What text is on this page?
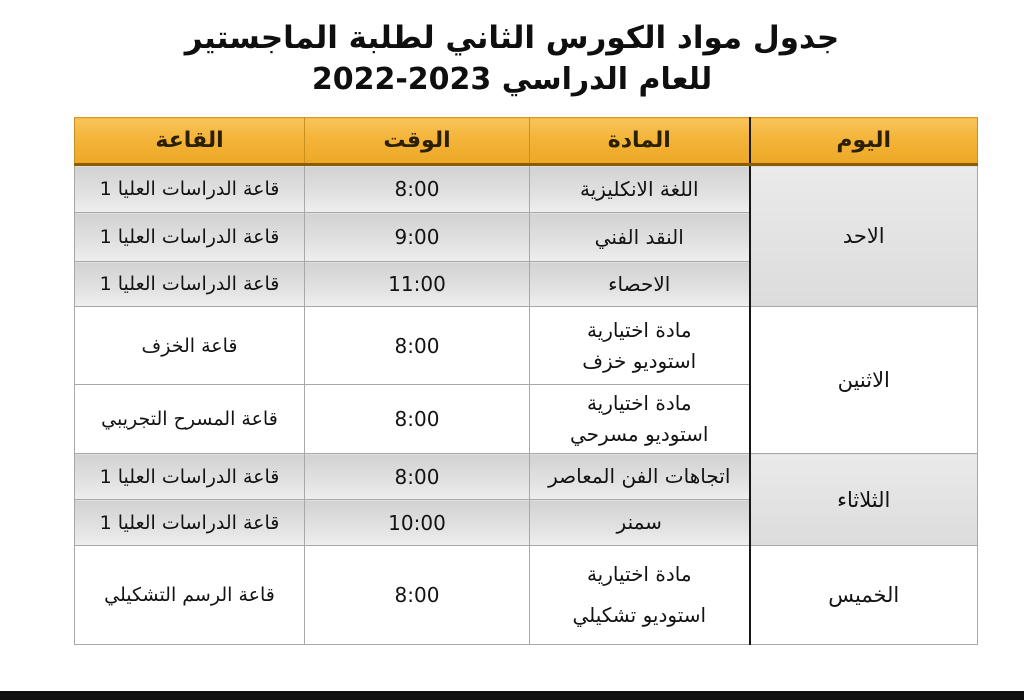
جدول مواد الكورس الثاني لطلبة الماجستير
للعام الدراسي 2023-2022
اليوم	المادة	الوقت	القاعة
الاحد	اللغة الانكليزية	8:00	قاعة الدراسات العليا 1

	النقد الفني	9:00	قاعة الدراسات العليا 1

	الاحصاء	11:00	قاعة الدراسات العليا 1
الاثنين	مادة اختيارية
استوديو خزف	8:00	قاعة الخزف

	مادة اختيارية
استوديو مسرحي	8:00	قاعة المسرح التجريبي
الثلاثاء	اتجاهات الفن المعاصر	8:00	قاعة الدراسات العليا 1

	سمنر	10:00	قاعة الدراسات العليا 1
الخميس	مادة اختيارية
استوديو تشكيلي	8:00	قاعة الرسم التشكيلي
